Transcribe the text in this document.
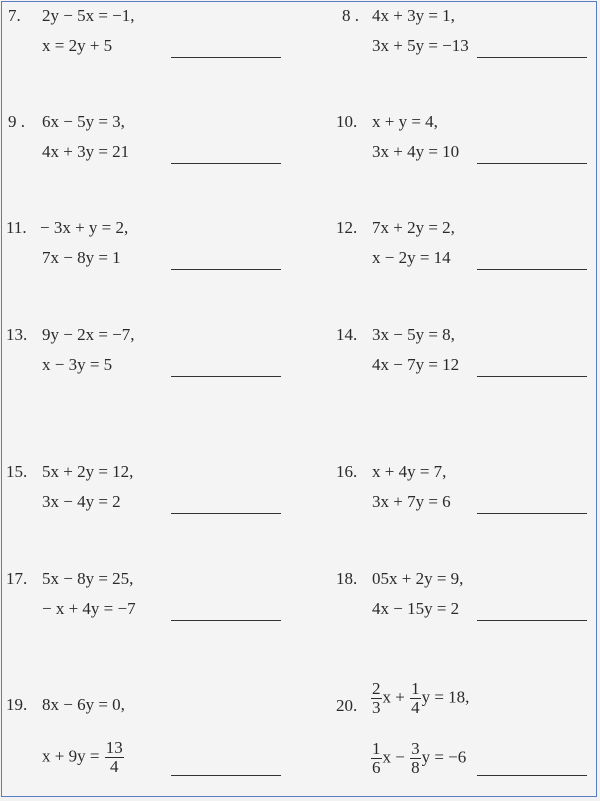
7. 2y − 5x = −1,
x = 2y + 5
8 . 4x + 3y = 1,
3x + 5y = −13
9 . 6x − 5y = 3,
4x + 3y = 21
10. x + y = 4,
3x + 4y = 10
11. − 3x + y = 2,
7x − 8y = 1
12. 7x + 2y = 2,
x − 2y = 14
13. 9y − 2x = −7,
x − 3y = 5
14. 3x − 5y = 8,
4x − 7y = 12
15. 5x + 2y = 12,
3x − 4y = 2
16. x + 4y = 7,
3x + 7y = 6
17. 5x − 8y = 25,
− x + 4y = −7
18. 05x + 2y = 9,
4x − 15y = 2
19. 8x − 6y = 0,
$x + 9y = \frac{13}{4}$
20. $\frac{2}{3}$ $x + \frac{1}{4}$ y = 18,
$\frac{1}{6}$ $x - \frac{3}{8}$ y = −6
